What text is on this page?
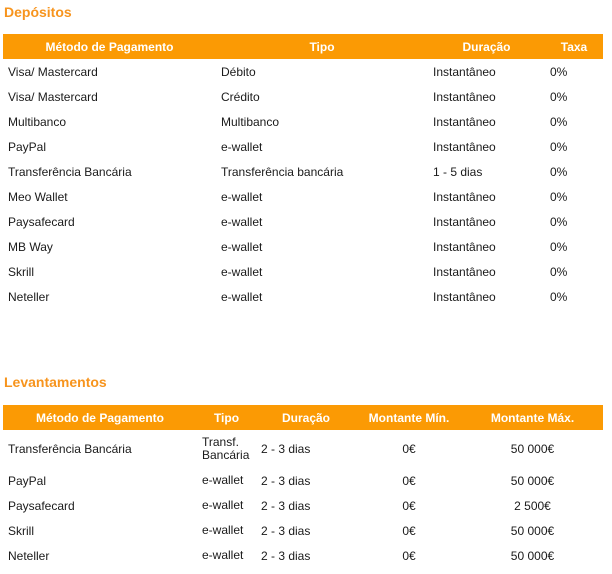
Depósitos
Método de Pagamento	Tipo	Duração	Taxa
Visa/ Mastercard	Débito	Instantâneo	0%
Visa/ Mastercard	Crédito	Instantâneo	0%
Multibanco	Multibanco	Instantâneo	0%
PayPal	e-wallet	Instantâneo	0%
Transferência Bancária	Transferência bancária	1 - 5 dias	0%
Meo Wallet	e-wallet	Instantâneo	0%
Paysafecard	e-wallet	Instantâneo	0%
MB Way	e-wallet	Instantâneo	0%
Skrill	e-wallet	Instantâneo	0%
Neteller	e-wallet	Instantâneo	0%
Levantamentos
Método de Pagamento	Tipo	Duração	Montante Mín.	Montante Máx.
Transferência Bancária	Transf. Bancária	2 - 3 dias	0€	50 000€
PayPal	e-wallet	2 - 3 dias	0€	50 000€
Paysafecard	e-wallet	2 - 3 dias	0€	2 500€
Skrill	e-wallet	2 - 3 dias	0€	50 000€
Neteller	e-wallet	2 - 3 dias	0€	50 000€
